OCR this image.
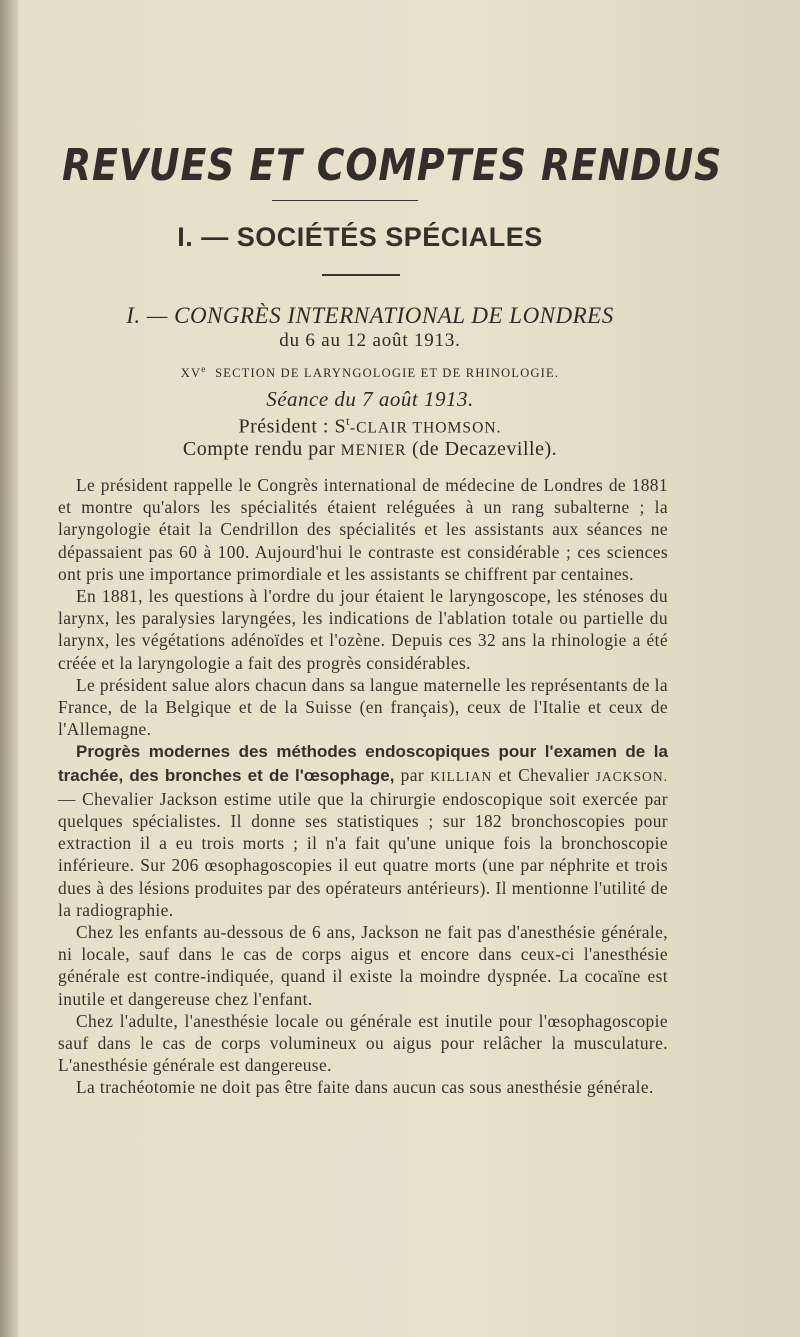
REVUES ET COMPTES RENDUS
I. — SOCIÉTÉS SPÉCIALES
I. — CONGRÈS INTERNATIONAL DE LONDRES
du 6 au 12 août 1913.
XVe SECTION DE LARYNGOLOGIE ET DE RHINOLOGIE.
Séance du 7 août 1913.
Président : $S^t$-CLAIR THOMSON.
Compte rendu par MENIER (de Decazeville).

Le président rappelle le Congrès international de médecine de Londres de 1881 et montre qu'alors les spécialités étaient reléguées à un rang subalterne ; la laryngologie était la Cendrillon des spécialités et les assistants aux séances ne dépassaient pas 60 à 100. Aujourd'hui le contraste est considérable ; ces sciences ont pris une importance primordiale et les assistants se chiffrent par centaines.

En 1881, les questions à l'ordre du jour étaient le laryngoscope, les sténoses du larynx, les paralysies laryngées, les indications de l'ablation totale ou partielle du larynx, les végétations adénoïdes et l'ozène. Depuis ces 32 ans la rhinologie a été créée et la laryngologie a fait des progrès considérables.

Le président salue alors chacun dans sa langue maternelle les représentants de la France, de la Belgique et de la Suisse (en français), ceux de l'Italie et ceux de l'Allemagne.

Progrès modernes des méthodes endoscopiques pour l'examen de la trachée, des bronches et de l'œsophage, par KILLIAN et Chevalier JACKSON. — Chevalier Jackson estime utile que la chirurgie endoscopique soit exercée par quelques spécialistes. Il donne ses statistiques ; sur 182 bronchoscopies pour extraction il a eu trois morts ; il n'a fait qu'une unique fois la bronchoscopie inférieure. Sur 206 œsophagoscopies il eut quatre morts (une par néphrite et trois dues à des lésions produites par des opérateurs antérieurs). Il mentionne l'utilité de la radiographie.

Chez les enfants au-dessous de 6 ans, Jackson ne fait pas d'anesthésie générale, ni locale, sauf dans le cas de corps aigus et encore dans ceux-ci l'anesthésie générale est contre-indiquée, quand il existe la moindre dyspnée. La cocaïne est inutile et dangereuse chez l'enfant.

Chez l'adulte, l'anesthésie locale ou générale est inutile pour l'œsophagoscopie sauf dans le cas de corps volumineux ou aigus pour relâcher la musculature. L'anesthésie générale est dangereuse.

La trachéotomie ne doit pas être faite dans aucun cas sous anesthésie générale.
